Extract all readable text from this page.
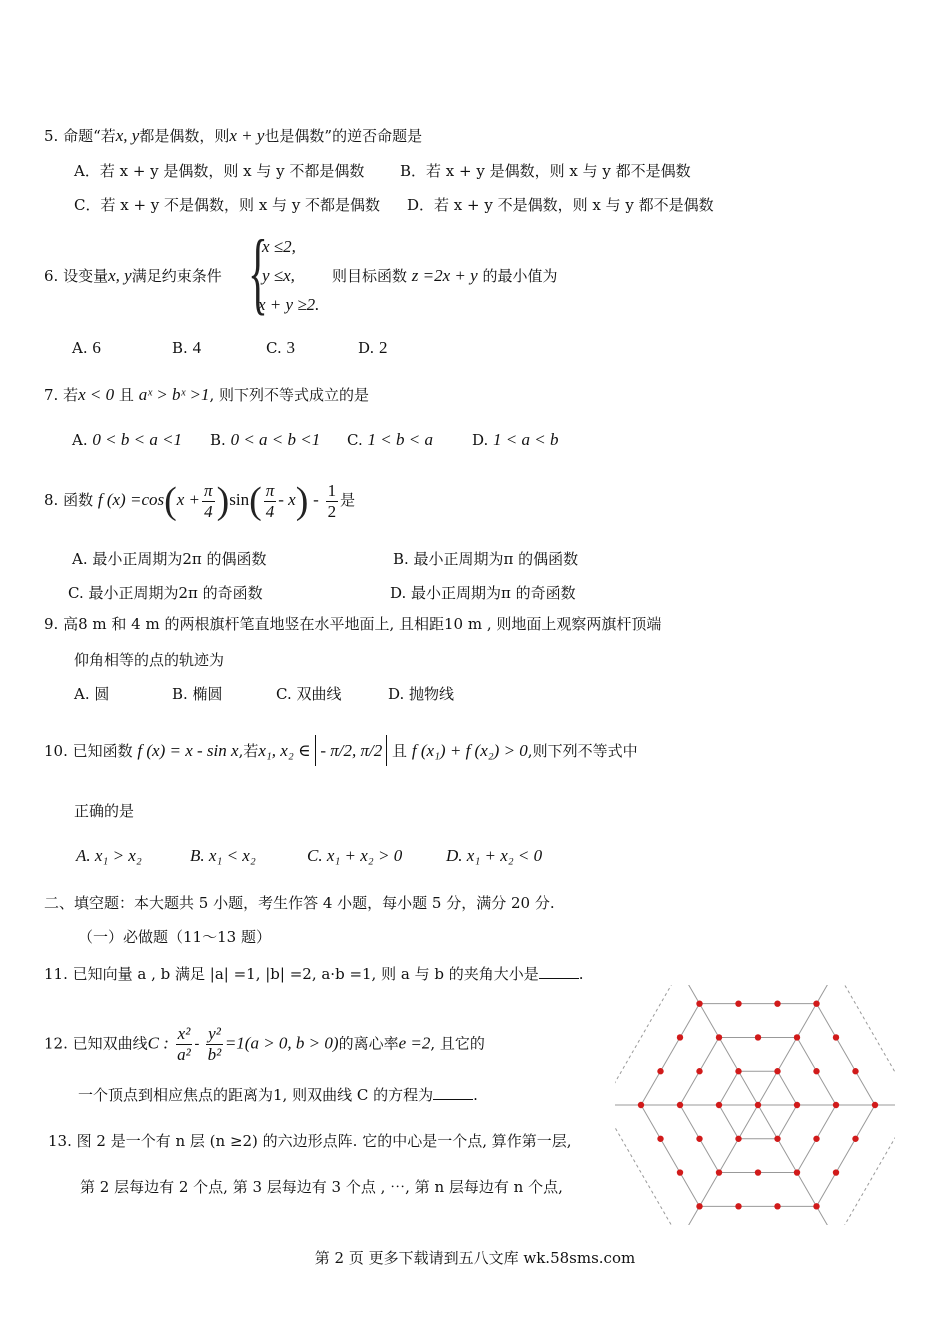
5. 命题“若x, y都是偶数，则x + y也是偶数”的逆否命题是
A．若 x + y 是偶数，则 x 与 y 不都是偶数 B．若 x + y 是偶数，则 x 与 y 都不是偶数
C．若 x + y 不是偶数，则 x 与 y 不都是偶数 D．若 x + y 不是偶数，则 x 与 y 都不是偶数
6. 设变量x, y满足约束条件 {
x ≤2,
y ≤x,
x + y ≥2.
则目标函数 z =2x + y 的最小值为
A. 6	B. 4	C. 3	D. 2
7. 若x < 0 且 aˣ > bˣ >1, 则下列不等式成立的是
A. 0 < b < a <1 B. 0 < a < b <1 C. 1 < b < a	D. 1 < a < b
8. 函数 f $(x) =\cos(x + \frac{\pi}{4} )\sin( \frac{\pi}{4} - x) - \frac{1}{2}$ 是
A. 最小正周期为2π 的偶函数	B. 最小正周期为π 的偶函数
C. 最小正周期为2π 的奇函数	D. 最小正周期为π 的奇函数
9. 高8 m 和 4 m 的两根旗杆笔直地竖在水平地面上, 且相距10 m , 则地面上观察两旗杆顶端
仰角相等的点的轨迹为
A. 圆	B. 椭圆	C. 双曲线	D. 抛物线
10. 已知函数 f (x) = x - sin x,若x₁, x₂ ∈ - π/2, π/2 且 f (x₁) + f (x₂) > 0,则下列不等式中
正确的是
A. x₁ > x₂	B. x₁ < x₂	C. x₁ + x₂ > 0	D. x₁ + x₂ < 0
二、填空题：本大题共 5 小题，考生作答 4 小题，每小题 5 分，满分 20 分.
（一）必做题（11～13 题）
11. 已知向量 a , b 满足 |a| =1, |b| =2, a·b =1, 则 a 与 b 的夹角大小是	.
12. 已知双曲线C : $\frac{\text{x²}}{\text{a²}} - \frac{\text{y²}}{\text{b²}} =1(a > 0$, b > 0)的离心率e =2, 且它的
一个顶点到相应焦点的距离为1, 则双曲线 C 的方程为	.
13. 图 2 是一个有 n 层 (n ≥2) 的六边形点阵. 它的中心是一个点, 算作第一层,
第 2 层每边有 2 个点, 第 3 层每边有 3 个点 , ⋯, 第 n 层每边有 n 个点,
第 2 页 更多下载请到五八文库 wk.58sms.com
